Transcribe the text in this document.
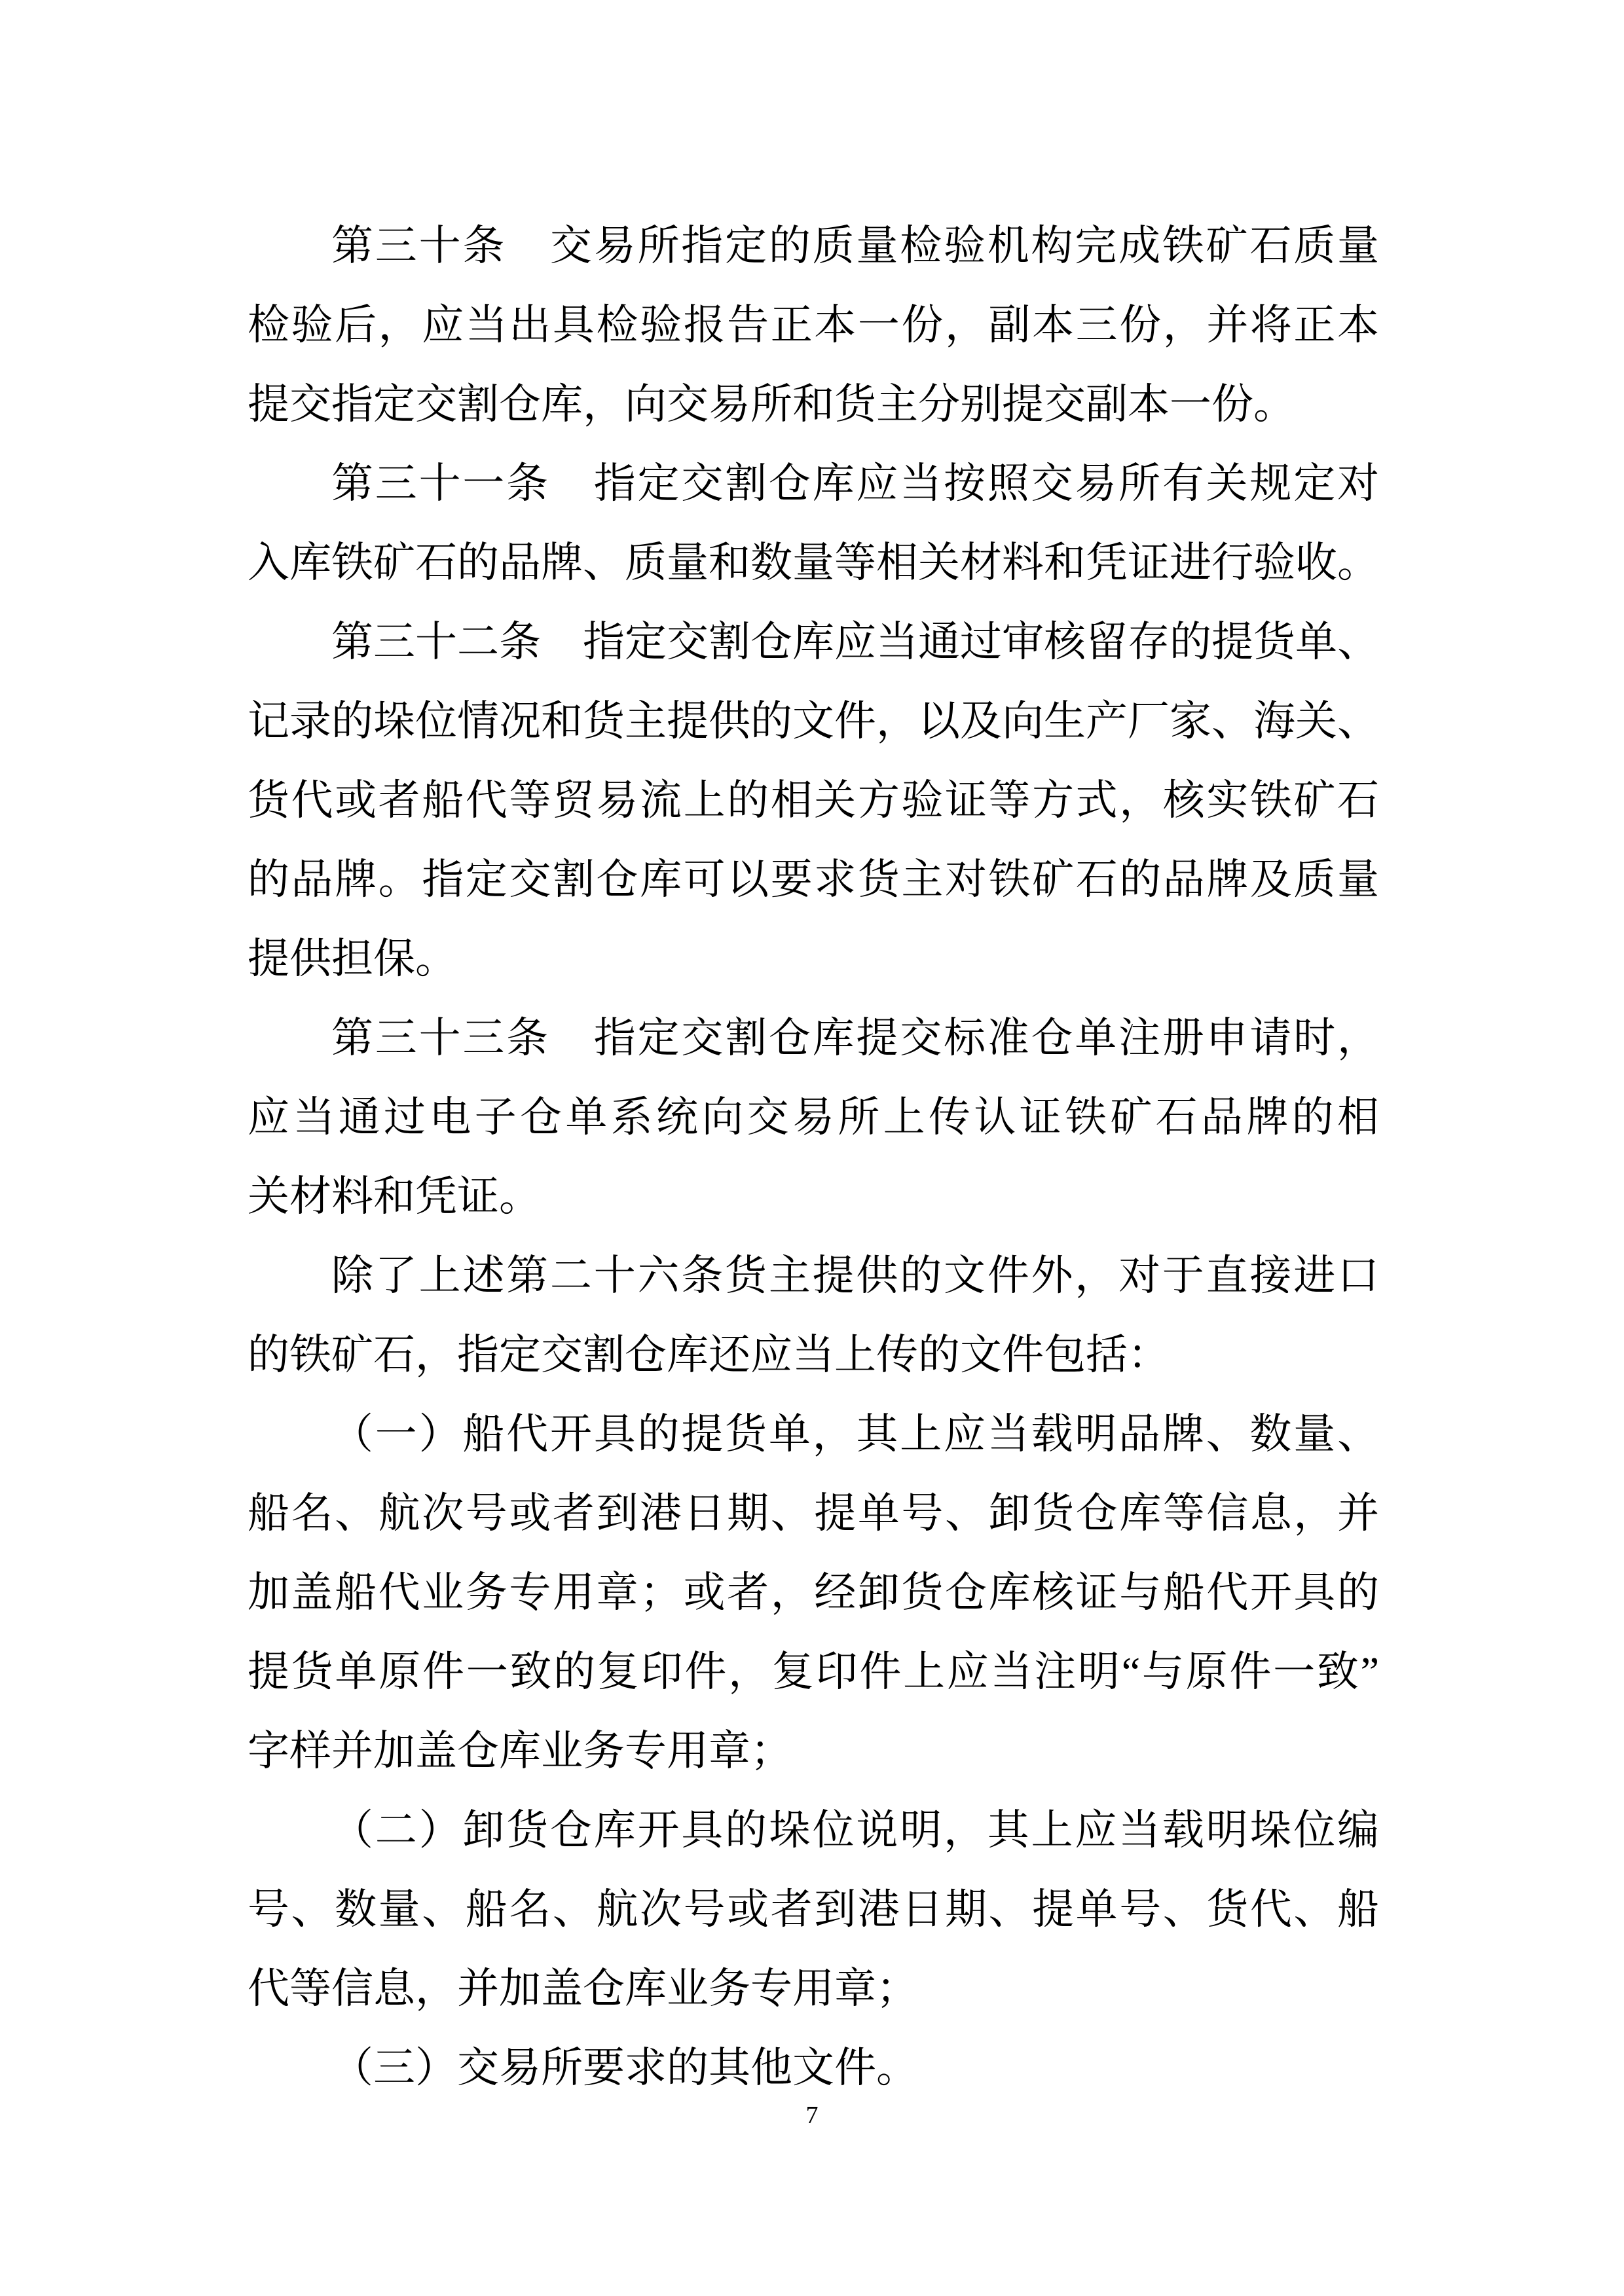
第三十条　交易所指定的质量检验机构完成铁矿石质量
检验后，应当出具检验报告正本一份，副本三份，并将正本
提交指定交割仓库，向交易所和货主分别提交副本一份。
第三十一条　指定交割仓库应当按照交易所有关规定对
入库铁矿石的品牌、质量和数量等相关材料和凭证进行验收。
第三十二条　指定交割仓库应当通过审核留存的提货单、
记录的垛位情况和货主提供的文件，以及向生产厂家、海关、
货代或者船代等贸易流上的相关方验证等方式，核实铁矿石
的品牌。指定交割仓库可以要求货主对铁矿石的品牌及质量
提供担保。
第三十三条　指定交割仓库提交标准仓单注册申请时，
应当通过电子仓单系统向交易所上传认证铁矿石品牌的相
关材料和凭证。
除了上述第二十六条货主提供的文件外，对于直接进口
的铁矿石，指定交割仓库还应当上传的文件包括：
（一）船代开具的提货单，其上应当载明品牌、数量、
船名、航次号或者到港日期、提单号、卸货仓库等信息，并
加盖船代业务专用章；或者，经卸货仓库核证与船代开具的
提货单原件一致的复印件，复印件上应当注明“与原件一致”
字样并加盖仓库业务专用章；
（二）卸货仓库开具的垛位说明，其上应当载明垛位编
号、数量、船名、航次号或者到港日期、提单号、货代、船
代等信息，并加盖仓库业务专用章；
（三）交易所要求的其他文件。
7
